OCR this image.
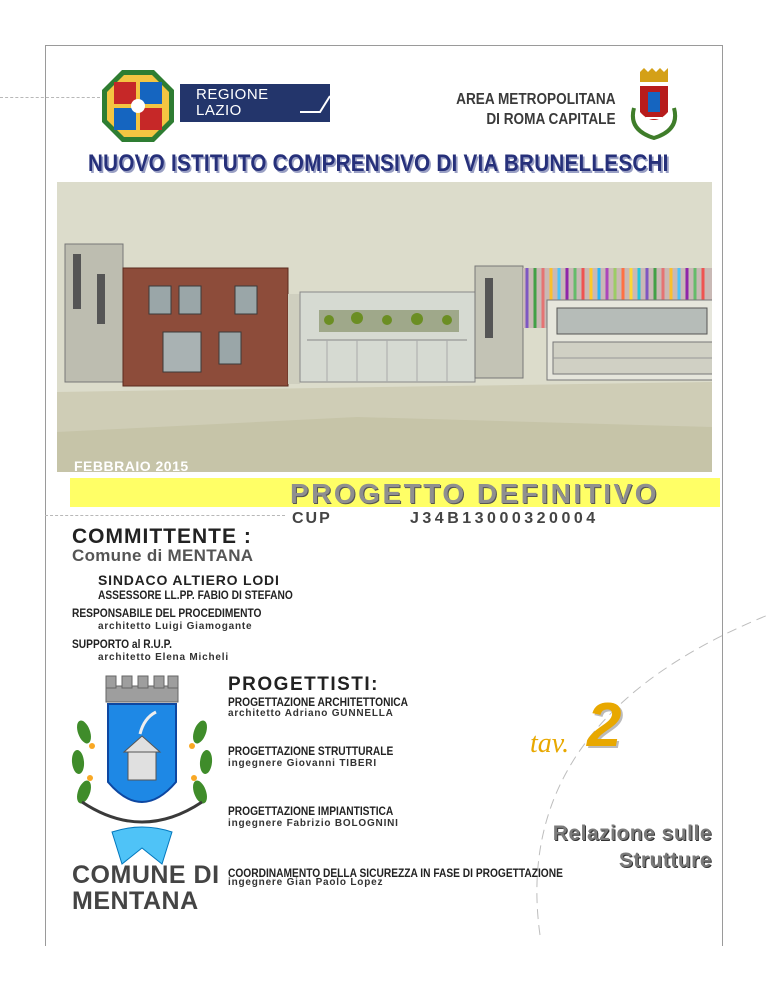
REGIONE
LAZIO
AREA METROPOLITANA
DI ROMA CAPITALE
NUOVO ISTITUTO COMPRENSIVO DI VIA BRUNELLESCHI
FEBBRAIO 2015
PROGETTO DEFINITIVO
CUP	J34B13000320004
COMMITTENTE :
Comune di MENTANA
SINDACO ALTIERO LODI
ASSESSORE LL.PP. FABIO DI STEFANO
RESPONSABILE DEL PROCEDIMENTO
architetto Luigi Giamogante
SUPPORTO al R.U.P.
architetto Elena Micheli
COMUNE DI
MENTANA
PROGETTISTI:
PROGETTAZIONE ARCHITETTONICA
architetto Adriano GUNNELLA
PROGETTAZIONE STRUTTURALE
ingegnere Giovanni TIBERI
PROGETTAZIONE IMPIANTISTICA
ingegnere Fabrizio BOLOGNINI
COORDINAMENTO DELLA SICUREZZA IN FASE DI PROGETTAZIONE
ingegnere Gian Paolo Lopez
tav. 2
Relazione sulle
Strutture
